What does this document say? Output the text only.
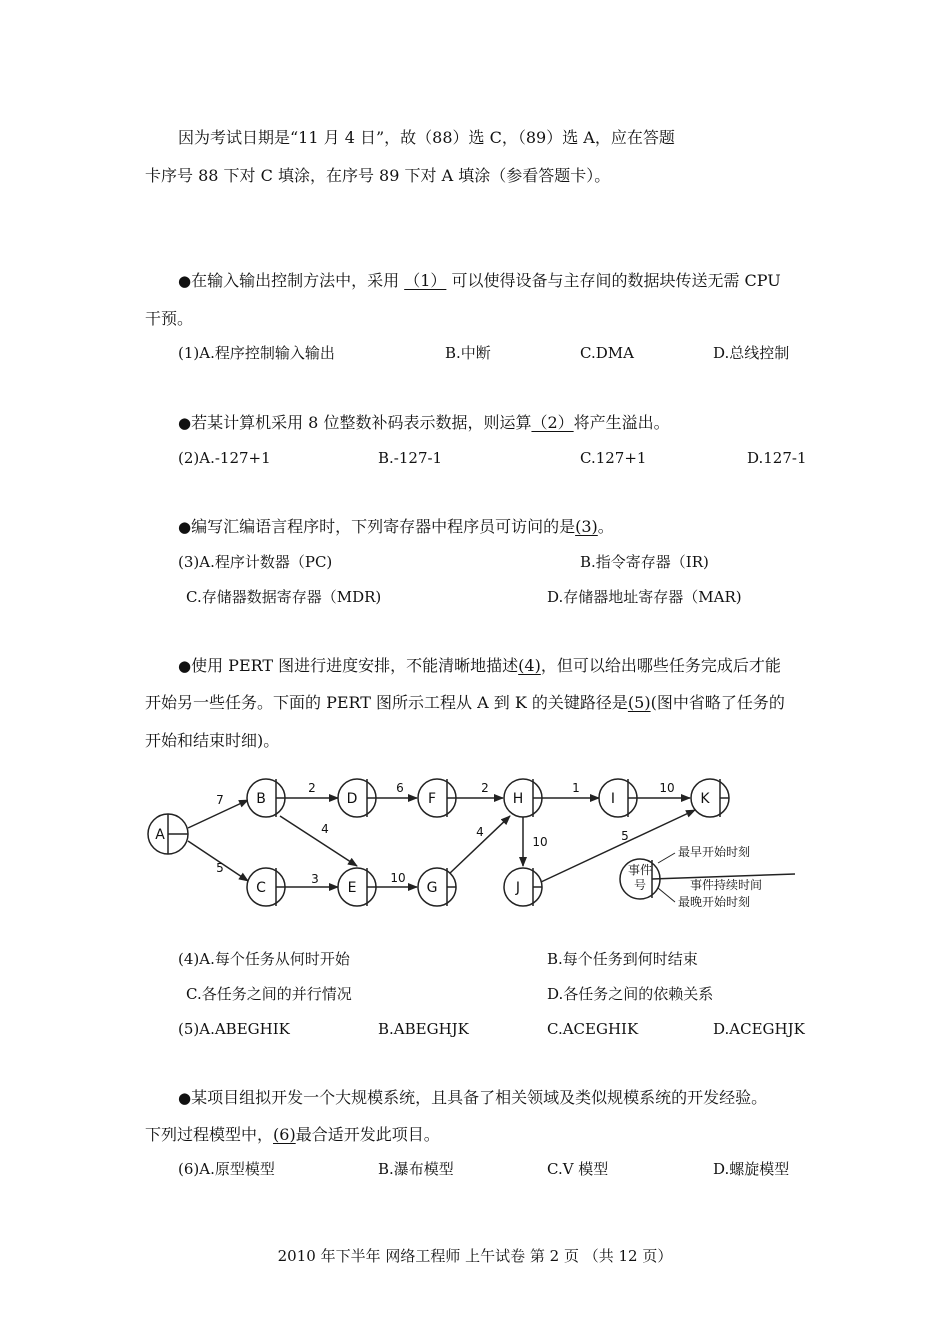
因为考试日期是“11 月 4 日”，故（88）选 C，（89）选 A，应在答题
卡序号 88 下对 C 填涂，在序号 89 下对 A 填涂（参看答题卡）。
●在输入输出控制方法中，采用 （1） 可以使得设备与主存间的数据块传送无需 CPU
干预。
(1)A.程序控制输入输出	B.中断	C.DMA	D.总线控制
●若某计算机采用 8 位整数补码表示数据，则运算（2）将产生溢出。
(2)A.-127+1	B.-127-1	C.127+1	D.127-1
●编写汇编语言程序时，下列寄存器中程序员可访问的是(3)。
(3)A.程序计数器（PC)	B.指令寄存器（IR)
C.存储器数据寄存器（MDR)	D.存储器地址寄存器（MAR)
●使用 PERT 图进行进度安排，不能清晰地描述(4)，但可以给出哪些任务完成后才能
开始另一些任务。下面的 PERT 图所示工程从 A 到 K 的关键路径是(5)(图中省略了任务的
开始和结束时细)。
A
B
C
D
E
F
G
H	I
J
K
7
5
2
4
3
6
10
2
4
1
10
10
5
事件
号
最早开始时刻
事件持续时间
最晚开始时刻
(4)A.每个任务从何时开始	B.每个任务到何时结束
C.各任务之间的并行情况	D.各任务之间的依赖关系
(5)A.ABEGHIK	B.ABEGHJK	C.ACEGHIK	D.ACEGHJK
●某项目组拟开发一个大规模系统，且具备了相关领域及类似规模系统的开发经验。
下列过程模型中，(6)最合适开发此项目。
(6)A.原型模型	B.瀑布模型	C.V 模型	D.螺旋模型
2010 年下半年 网络工程师 上午试卷 第 2 页 （共 12 页）
